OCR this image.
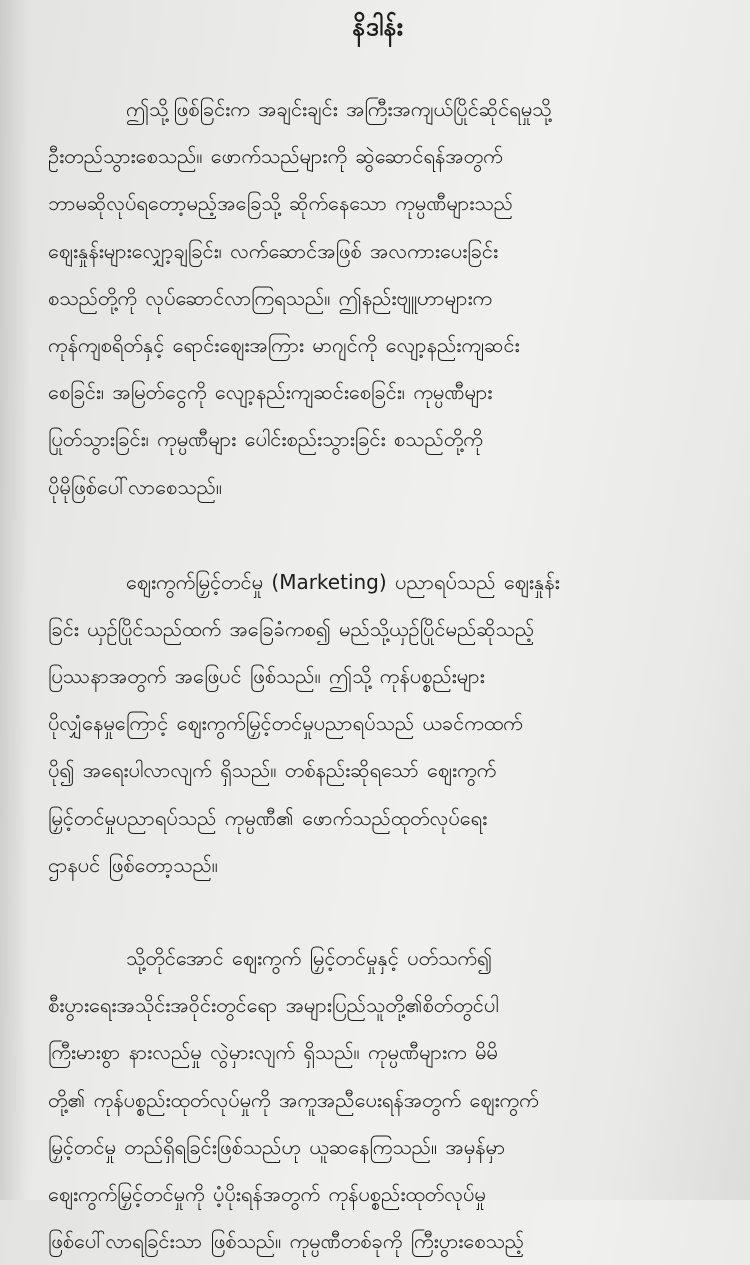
နိဒါန်း
ဤသို့ဖြစ်ခြင်းက အချင်းချင်း အကြီးအကျယ်ပြိုင်ဆိုင်ရမှုသို့
ဦးတည်သွားစေသည်။ ဖောက်သည်များကို ဆွဲဆောင်ရန်အတွက်
ဘာမဆိုလုပ်ရတော့မည့်အခြေသို့ ဆိုက်နေသော ကုမ္ပဏီများသည်
ဈေးနှုန်းများလျှော့ချခြင်း၊ လက်ဆောင်အဖြစ် အလကားပေးခြင်း
စသည်တို့ကို လုပ်ဆောင်လာကြရသည်။ ဤနည်းဗျူဟာများက
ကုန်ကျစရိတ်နှင့် ရောင်းဈေးအကြား မာဂျင်ကို လျော့နည်းကျဆင်း
စေခြင်း၊ အမြတ်ငွေကို လျော့နည်းကျဆင်းစေခြင်း၊ ကုမ္ပဏီများ
ပြုတ်သွားခြင်း၊ ကုမ္ပဏီများ ပေါင်းစည်းသွားခြင်း စသည်တို့ကို
ပိုမိုဖြစ်ပေါ်လာစေသည်။
ဈေးကွက်မြှင့်တင်မှု (Marketing) ပညာရပ်သည် ဈေးနှုန်း
ခြင်း ယှဉ်ပြိုင်သည်ထက် အခြေခံကစ၍ မည်သို့ယှဉ်ပြိုင်မည်ဆိုသည့်
ပြဿနာအတွက် အဖြေပင် ဖြစ်သည်။ ဤသို့ ကုန်ပစ္စည်းများ
ပိုလျှံနေမှုကြောင့် ဈေးကွက်မြှင့်တင်မှုပညာရပ်သည် ယခင်ကထက်
ပို၍ အရေးပါလာလျက် ရှိသည်။ တစ်နည်းဆိုရသော် ဈေးကွက်
မြှင့်တင်မှုပညာရပ်သည် ကုမ္ပဏီ၏ ဖောက်သည်ထုတ်လုပ်ရေး
ဌာနပင် ဖြစ်တော့သည်။
သို့တိုင်အောင် ဈေးကွက် မြှင့်တင်မှုနှင့် ပတ်သက်၍
စီးပွားရေးအသိုင်းအဝိုင်းတွင်ရော အများပြည်သူတို့၏စိတ်တွင်ပါ
ကြီးမားစွာ နားလည်မှု လွဲမှားလျက် ရှိသည်။ ကုမ္ပဏီများက မိမိ
တို့၏ ကုန်ပစ္စည်းထုတ်လုပ်မှုကို အကူအညီပေးရန်အတွက် ဈေးကွက်
မြှင့်တင်မှု တည်ရှိရခြင်းဖြစ်သည်ဟု ယူဆနေကြသည်။ အမှန်မှာ
ဈေးကွက်မြှင့်တင်မှုကို ပံ့ပိုးရန်အတွက် ကုန်ပစ္စည်းထုတ်လုပ်မှု
ဖြစ်ပေါ်လာရခြင်းသာ ဖြစ်သည်။ ကုမ္ပဏီတစ်ခုကို ကြီးပွားစေသည့်
